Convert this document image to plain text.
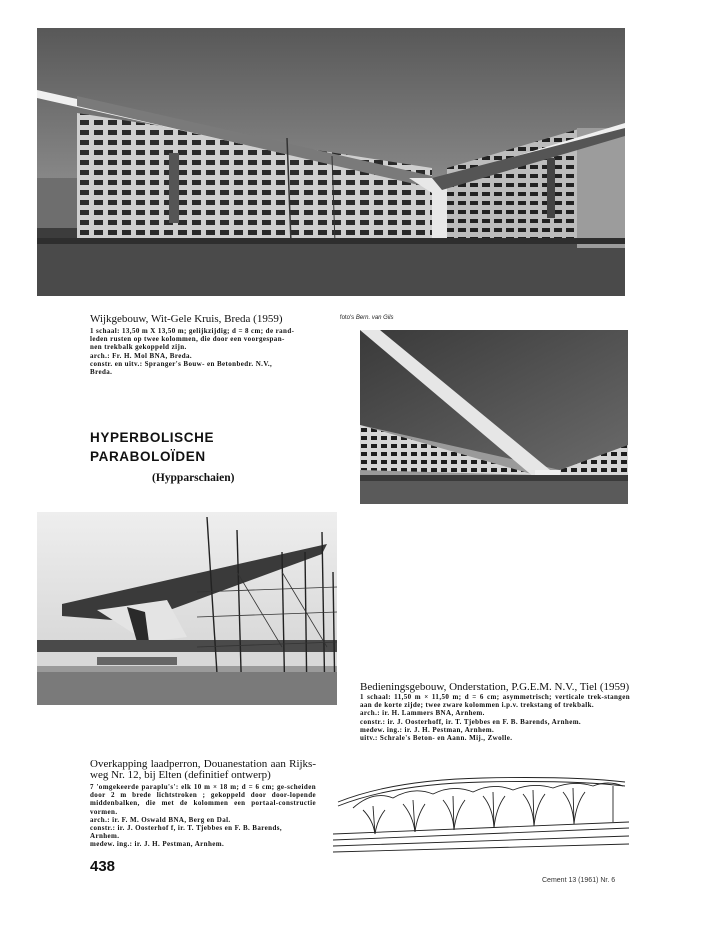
Wijkgebouw, Wit-Gele Kruis, Breda (1959)

1 schaal: 13,50 m X 13,50 m; gelijkzijdig; d = 8 cm; de rand-

leden rusten op twee kolommen, die door een voorgespan-

nen trekbalk gekoppeld zijn.

arch.: Fr. H. Mol BNA, Breda.

constr. en uitv.: Spranger's Bouw- en Betonbedr. N.V.,

Breda.

foto's Bern. van Gils
HYPERBOLISCHE
PARABOLOÏDEN
(Hypparschaien)
Bedieningsgebouw, Onderstation, P.G.E.M. N.V., Tiel (1959)

1 schaal: 11,50 m × 11,50 m; d = 6 cm; asymmetrisch; verticale trek-stangen aan de korte zijde; twee zware kolommen i.p.v. trekstang of trekbalk.

arch.: ir. H. Lammers BNA, Arnhem.

constr.: ir. J. Oosterhoff, ir. T. Tjebbes en F. B. Barends, Arnhem.

medew. ing.: ir. J. H. Pestman, Arnhem.

uitv.: Schrale's Beton- en Aann. Mij., Zwolle.

Overkapping laadperron, Douanestation aan Rijks-weg Nr. 12, bij Elten (definitief ontwerp)

7 'omgekeerde paraplu's': elk 10 m × 18 m; d = 6 cm; ge-scheiden door 2 m brede lichtstroken ; gekoppeld door door-lopende middenbalken, die met de kolommen een portaal-constructie vormen.

arch.: ir. F. M. Oswald BNA, Berg en Dal.

constr.: ir. J. Oosterhof f, ir. T. Tjebbes en F. B. Barends,

Arnhem.

medew. ing.: ir. J. H. Pestman, Arnhem.

438
Cement 13 (1961) Nr. 6
